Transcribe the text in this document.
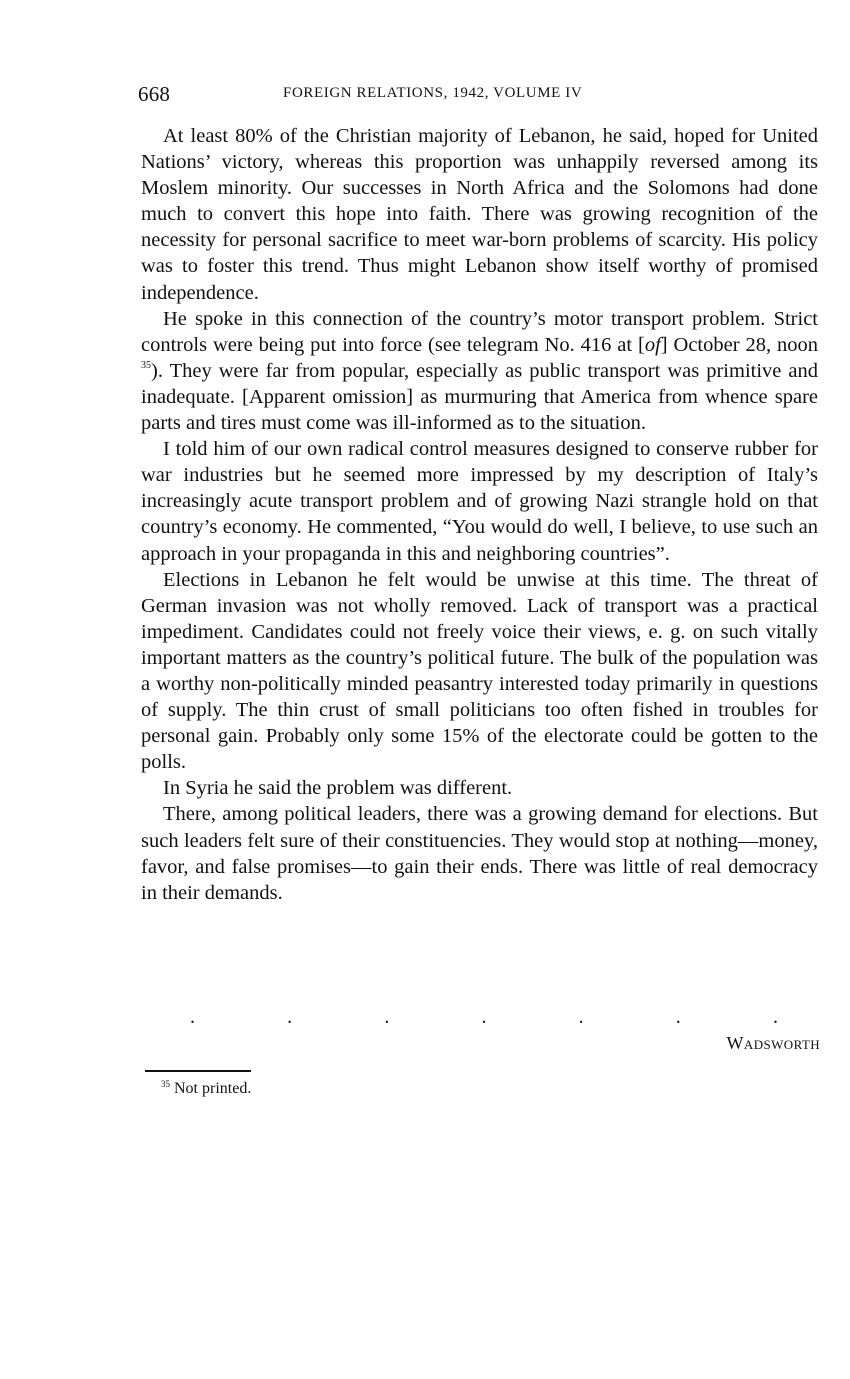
668	FOREIGN RELATIONS, 1942, VOLUME IV

At least 80% of the Christian majority of Lebanon, he said, hoped for United Nations’ victory, whereas this proportion was unhappily reversed among its Moslem minority. Our successes in North Africa and the Solomons had done much to convert this hope into faith. There was growing recognition of the necessity for personal sacrifice to meet war-born problems of scarcity. His policy was to foster this trend. Thus might Lebanon show itself worthy of promised independence.

He spoke in this connection of the country’s motor transport problem. Strict controls were being put into force (see telegram No. 416 at [of] October 28, noon $^{35}$). They were far from popular, especially as public transport was primitive and inadequate. [Apparent omission] as murmuring that America from whence spare parts and tires must come was ill-informed as to the situation.

I told him of our own radical control measures designed to conserve rubber for war industries but he seemed more impressed by my description of Italy’s increasingly acute transport problem and of growing Nazi strangle hold on that country’s economy. He commented, “You would do well, I believe, to use such an approach in your propaganda in this and neighboring countries”.

Elections in Lebanon he felt would be unwise at this time. The threat of German invasion was not wholly removed. Lack of transport was a practical impediment. Candidates could not freely voice their views, e. g. on such vitally important matters as the country’s political future. The bulk of the population was a worthy non-politically minded peasantry interested today primarily in questions of supply. The thin crust of small politicians too often fished in troubles for personal gain. Probably only some 15% of the electorate could be gotten to the polls.

In Syria he said the problem was different.

There, among political leaders, there was a growing demand for elections. But such leaders felt sure of their constituencies. They would stop at nothing—money, favor, and false promises—to gain their ends. There was little of real democracy in their demands.

.	.	.	.	.	.	.
Wadsworth
$^{35}$ Not printed.
